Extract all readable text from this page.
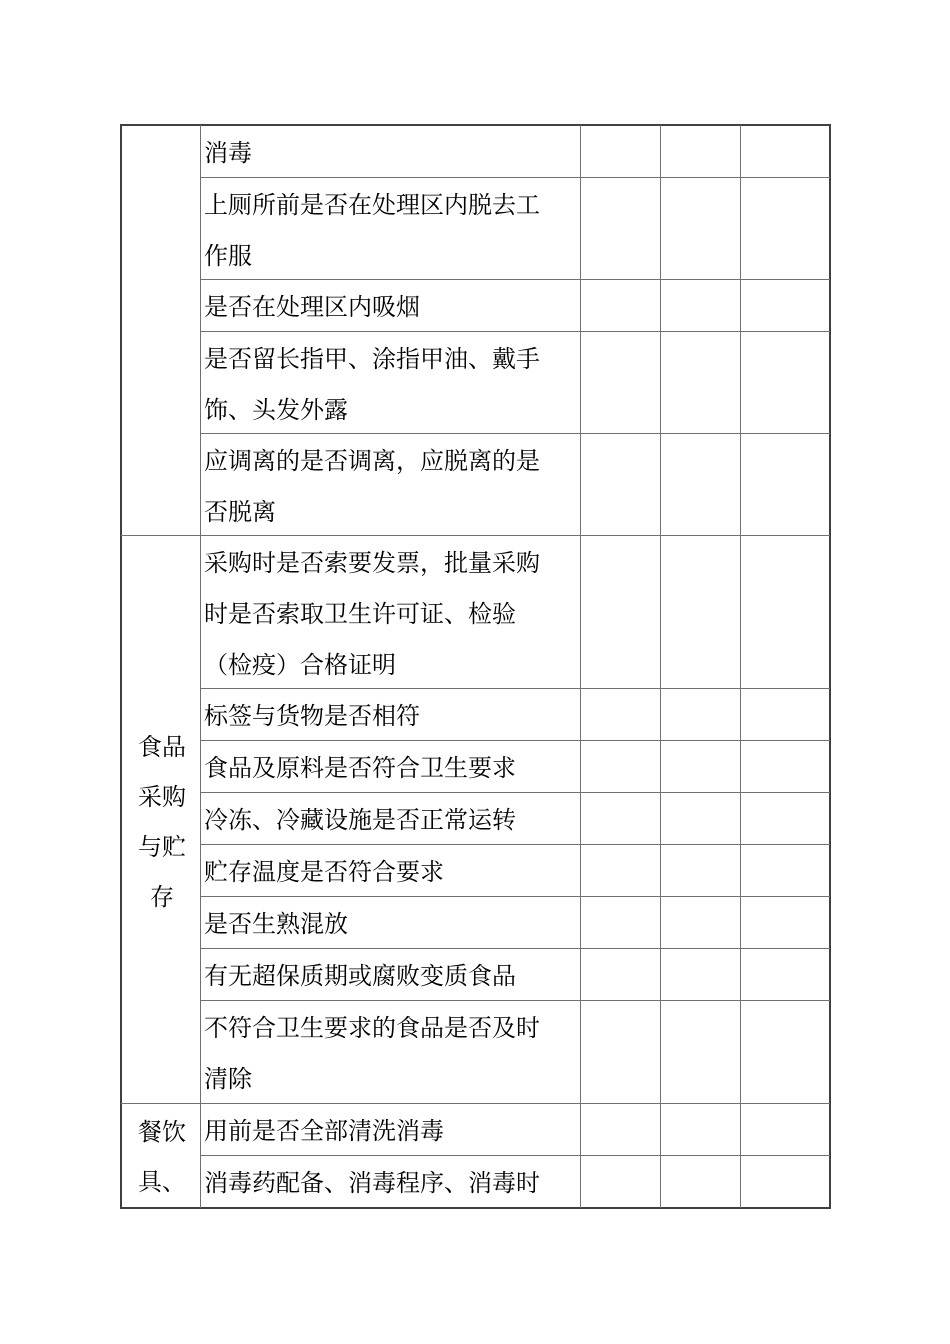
消毒
上厕所前是否在处理区内脱去工
作服
是否在处理区内吸烟
是否留长指甲、涂指甲油、戴手
饰、头发外露
应调离的是否调离，应脱离的是
否脱离
采购时是否索要发票，批量采购
时是否索取卫生许可证、检验
（检疫）合格证明
标签与货物是否相符
食品及原料是否符合卫生要求
冷冻、冷藏设施是否正常运转
贮存温度是否符合要求
是否生熟混放
有无超保质期或腐败变质食品
不符合卫生要求的食品是否及时
清除
用前是否全部清洗消毒
消毒药配备、消毒程序、消毒时
食品
采购
与贮
存
餐饮
具、
